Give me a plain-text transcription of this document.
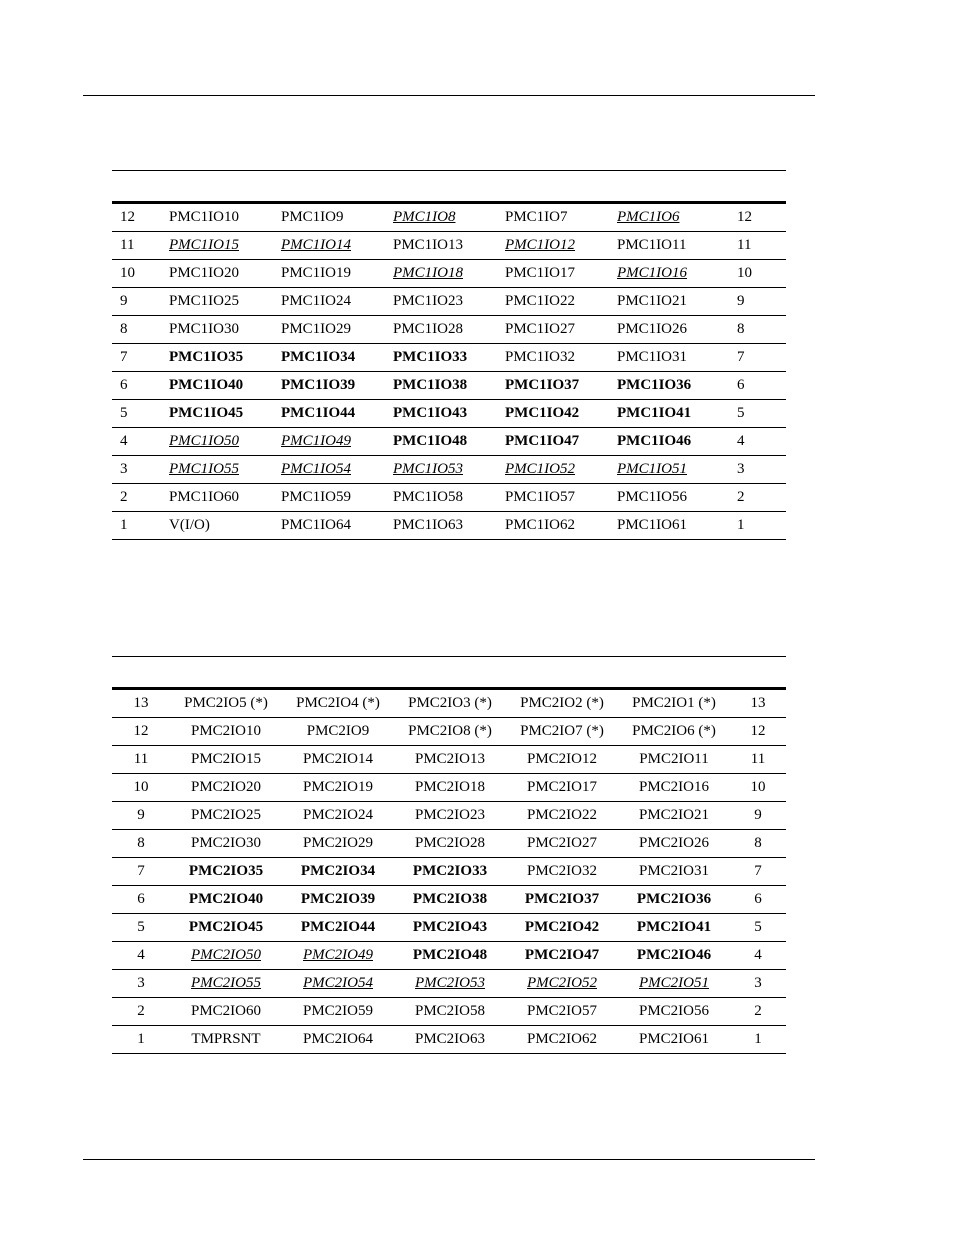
12	PMC1IO10	PMC1IO9	PMC1IO8	PMC1IO7	PMC1IO6	12
11	PMC1IO15	PMC1IO14	PMC1IO13	PMC1IO12	PMC1IO11	11
10	PMC1IO20	PMC1IO19	PMC1IO18	PMC1IO17	PMC1IO16	10
9	PMC1IO25	PMC1IO24	PMC1IO23	PMC1IO22	PMC1IO21	9
8	PMC1IO30	PMC1IO29	PMC1IO28	PMC1IO27	PMC1IO26	8
7	PMC1IO35	PMC1IO34	PMC1IO33	PMC1IO32	PMC1IO31	7
6	PMC1IO40	PMC1IO39	PMC1IO38	PMC1IO37	PMC1IO36	6
5	PMC1IO45	PMC1IO44	PMC1IO43	PMC1IO42	PMC1IO41	5
4	PMC1IO50	PMC1IO49	PMC1IO48	PMC1IO47	PMC1IO46	4
3	PMC1IO55	PMC1IO54	PMC1IO53	PMC1IO52	PMC1IO51	3
2	PMC1IO60	PMC1IO59	PMC1IO58	PMC1IO57	PMC1IO56	2
1	V(I/O)	PMC1IO64	PMC1IO63	PMC1IO62	PMC1IO61	1
13	PMC2IO5 (*)	PMC2IO4 (*)	PMC2IO3 (*)	PMC2IO2 (*)	PMC2IO1 (*)	13
12	PMC2IO10	PMC2IO9	PMC2IO8 (*)	PMC2IO7 (*)	PMC2IO6 (*)	12
11	PMC2IO15	PMC2IO14	PMC2IO13	PMC2IO12	PMC2IO11	11
10	PMC2IO20	PMC2IO19	PMC2IO18	PMC2IO17	PMC2IO16	10
9	PMC2IO25	PMC2IO24	PMC2IO23	PMC2IO22	PMC2IO21	9
8	PMC2IO30	PMC2IO29	PMC2IO28	PMC2IO27	PMC2IO26	8
7	PMC2IO35	PMC2IO34	PMC2IO33	PMC2IO32	PMC2IO31	7
6	PMC2IO40	PMC2IO39	PMC2IO38	PMC2IO37	PMC2IO36	6
5	PMC2IO45	PMC2IO44	PMC2IO43	PMC2IO42	PMC2IO41	5
4	PMC2IO50	PMC2IO49	PMC2IO48	PMC2IO47	PMC2IO46	4
3	PMC2IO55	PMC2IO54	PMC2IO53	PMC2IO52	PMC2IO51	3
2	PMC2IO60	PMC2IO59	PMC2IO58	PMC2IO57	PMC2IO56	2
1	TMPRSNT	PMC2IO64	PMC2IO63	PMC2IO62	PMC2IO61	1
